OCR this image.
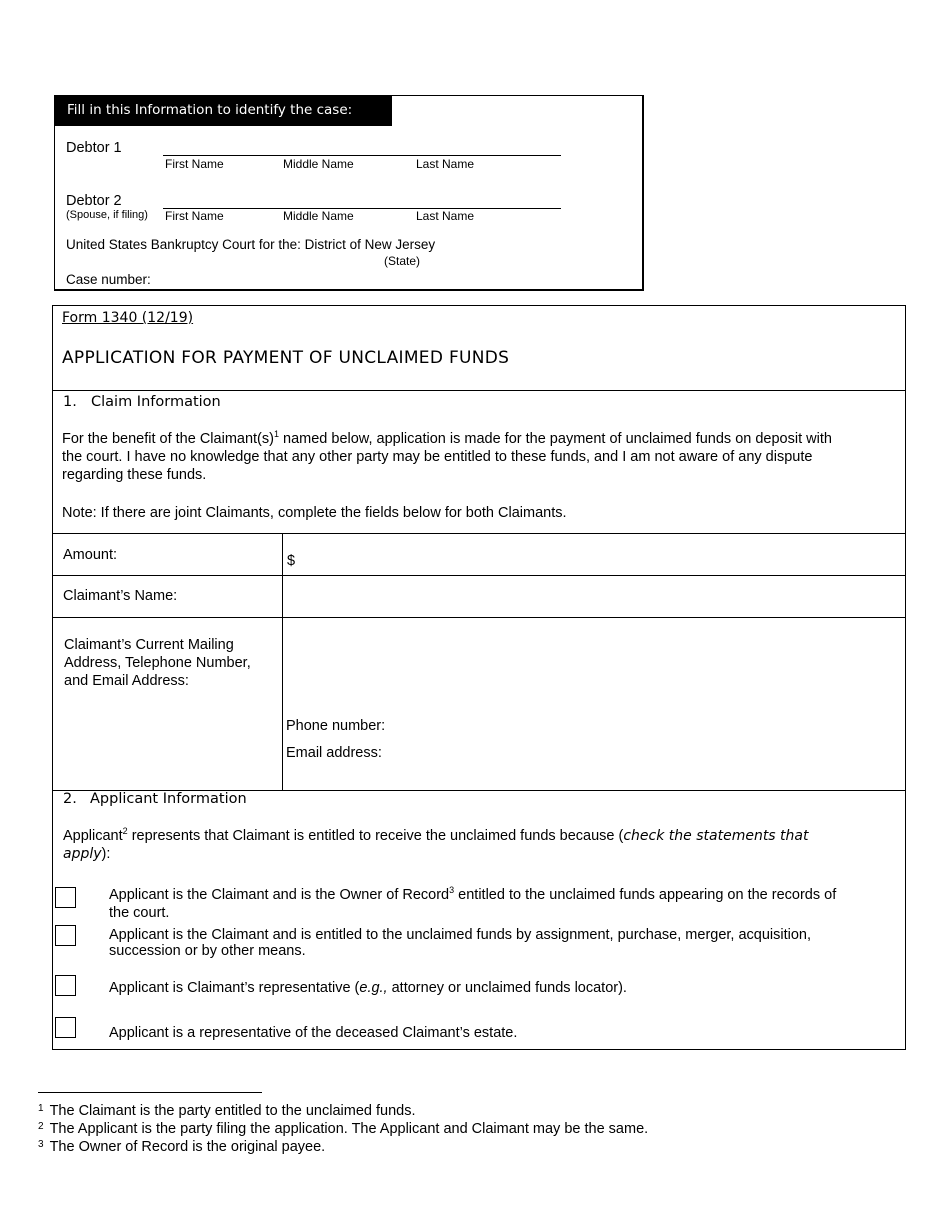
Fill in this Information to identify the case:
Debtor 1
First Name	Middle Name	Last Name
Debtor 2
(Spouse, if filing) First Name	Middle Name	Last Name
United States Bankruptcy Court for the: District of New Jersey
(State)
Case number:
Form 1340 (12/19)
APPLICATION FOR PAYMENT OF UNCLAIMED FUNDS
1. Claim Information
For the benefit of the $Claimant(s)^1$ named below, application is made for the payment of unclaimed funds on deposit with
the court. I have no knowledge that any other party may be entitled to these funds, and I am not aware of any dispute
regarding these funds.
Note: If there are joint Claimants, complete the fields below for both Claimants.
Amount:	$
Claimant’s Name:
Claimant’s Current Mailing
Address, Telephone Number,
and Email Address:
Phone number:
Email address:
2. Applicant Information
Applicant$^2$ represents that Claimant is entitled to receive the unclaimed funds because (check the statements that
apply):
Applicant is the Claimant and is the Owner of Record$^3$ entitled to the unclaimed funds appearing on the records of
the court.
Applicant is the Claimant and is entitled to the unclaimed funds by assignment, purchase, merger, acquisition,
succession or by other means.
Applicant is Claimant’s representative (e.g., attorney or unclaimed funds locator).
Applicant is a representative of the deceased Claimant’s estate.
$^1$ The Claimant is the party entitled to the unclaimed funds.
$^2$ The Applicant is the party filing the application. The Applicant and Claimant may be the same.
$^3$ The Owner of Record is the original payee.
